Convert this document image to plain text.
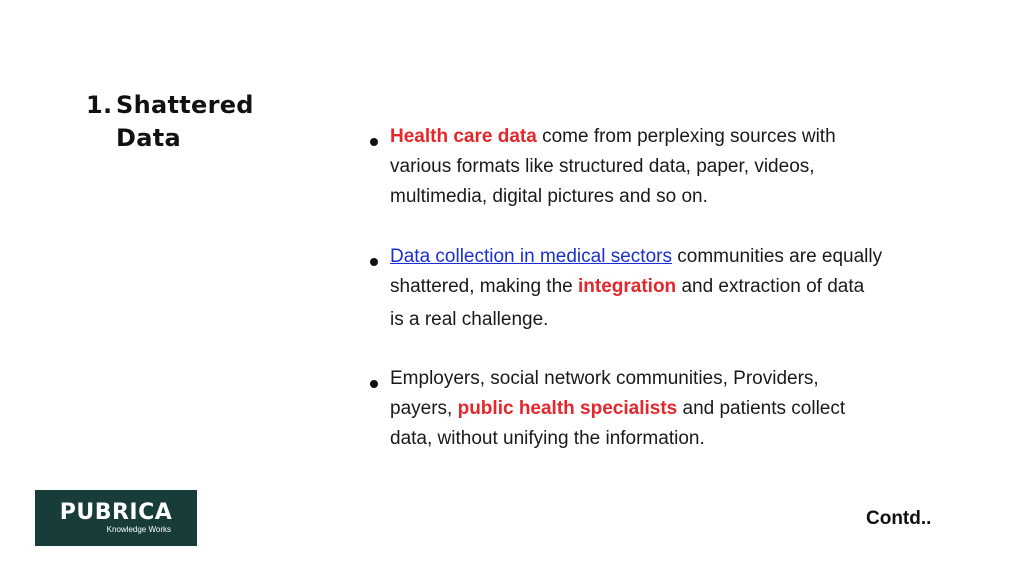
1. Shattered
Data	Health care data come from perplexing sources with
various formats like structured data, paper, videos,
multimedia, digital pictures and so on.
Data collection in medical sectors communities are equally
shattered, making the integration and extraction of data
is a real challenge.
Employers, social network communities, Providers,
payers, public health specialists and patients collect
data, without unifying the information.
PUBRICA
Knowledge Works
Contd..
